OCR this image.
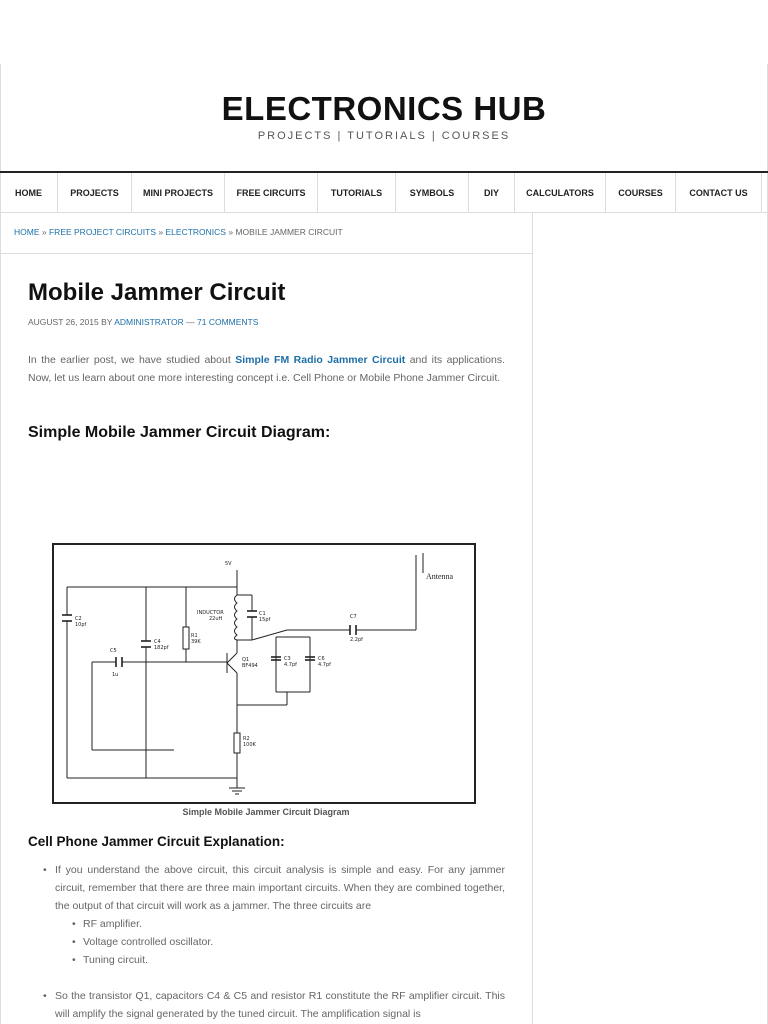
ELECTRONICS HUB
PROJECTS | TUTORIALS | COURSES
HOME	PROJECTS	MINI PROJECTS	FREE CIRCUITS	TUTORIALS	SYMBOLS	DIY	CALCULATORS	COURSES	CONTACT US
HOME » FREE PROJECT CIRCUITS » ELECTRONICS » MOBILE JAMMER CIRCUIT
Mobile Jammer Circuit
AUGUST 26, 2015 BY ADMINISTRATOR — 71 COMMENTS

In the earlier post, we have studied about Simple FM Radio Jammer Circuit and its applications. Now, let us learn about one more interesting concept i.e. Cell Phone or Mobile Phone Jammer Circuit.

Simple Mobile Jammer Circuit Diagram:
5V
Antenna
C1
15pf
C2
10pf
C3
4.7pf
C4
182pf
C5
1u
C6
4.7pf
C7
2.2pf
R1
39K
R2
100K
INDUCTOR
22uH
Q1
BF494
Simple Mobile Jammer Circuit Diagram
Cell Phone Jammer Circuit Explanation:
• If you understand the above circuit, this circuit analysis is simple and easy. For any jammer circuit, remember that there are three main important circuits. When they are combined together, the output of that circuit will work as a jammer. The three circuits are
• RF amplifier.
• Voltage controlled oscillator.
• Tuning circuit.
• So the transistor Q1, capacitors C4 & C5 and resistor R1 constitute the RF amplifier circuit. This will amplify the signal generated by the tuned circuit. The amplification signal is
